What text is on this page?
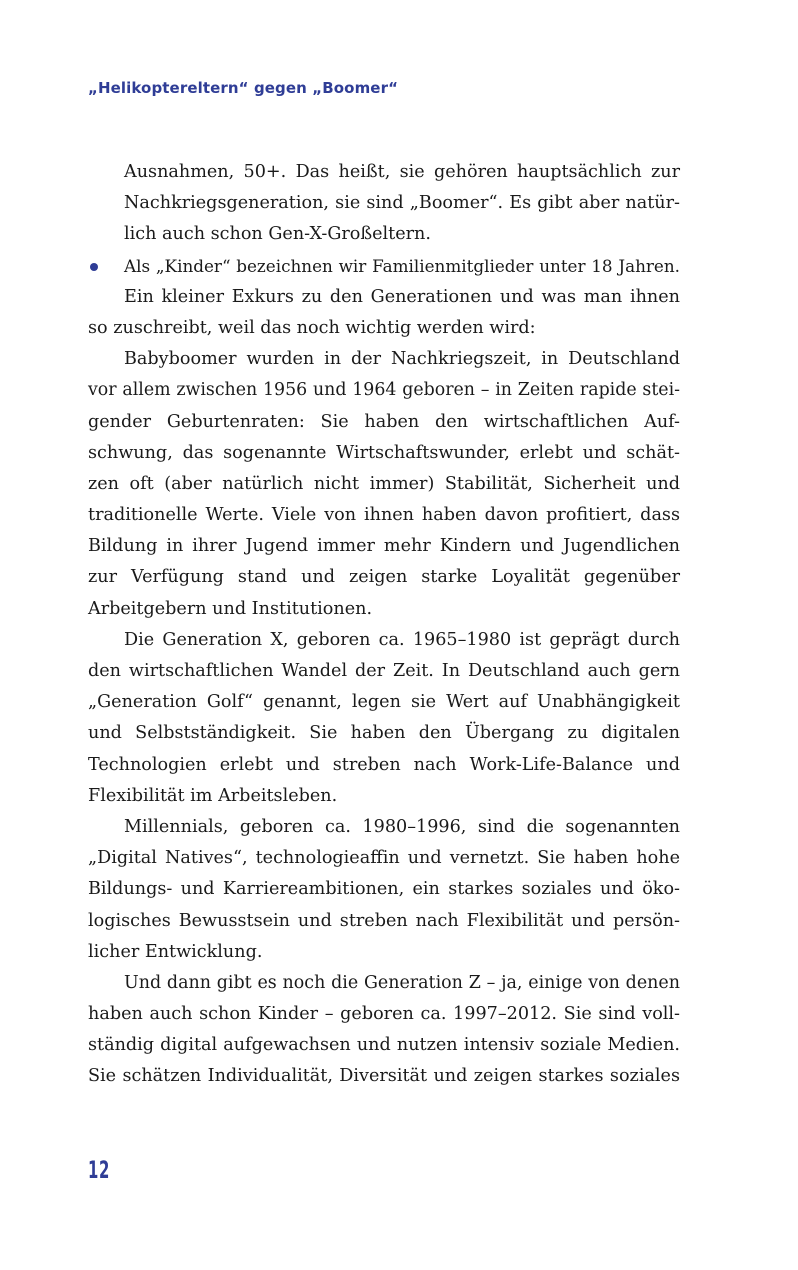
„Helikoptereltern“ gegen „Boomer“
Ausnahmen, 50+. Das heißt, sie gehören hauptsächlich zur
Nachkriegsgeneration, sie sind „Boomer“. Es gibt aber natür-
lich auch schon Gen-X-Großeltern.
Als „Kinder“ bezeichnen wir Familienmitglieder unter 18 Jahren.
Ein kleiner Exkurs zu den Generationen und was man ihnen
so zuschreibt, weil das noch wichtig werden wird:
Babyboomer wurden in der Nachkriegszeit, in Deutschland
vor allem zwischen 1956 und 1964 geboren – in Zeiten rapide stei-
gender Geburtenraten: Sie haben den wirtschaftlichen Auf-
schwung, das sogenannte Wirtschaftswunder, erlebt und schät-
zen oft (aber natürlich nicht immer) Stabilität, Sicherheit und
traditionelle Werte. Viele von ihnen haben davon profitiert, dass
Bildung in ihrer Jugend immer mehr Kindern und Jugendlichen
zur Verfügung stand und zeigen starke Loyalität gegenüber
Arbeitgebern und Institutionen.
Die Generation X, geboren ca. 1965–1980 ist geprägt durch
den wirtschaftlichen Wandel der Zeit. In Deutschland auch gern
„Generation Golf“ genannt, legen sie Wert auf Unabhängigkeit
und Selbstständigkeit. Sie haben den Übergang zu digitalen
Technologien erlebt und streben nach Work-Life-Balance und
Flexibilität im Arbeitsleben.
Millennials, geboren ca. 1980–1996, sind die sogenannten
„Digital Natives“, technologieaffin und vernetzt. Sie haben hohe
Bildungs- und Karriereambitionen, ein starkes soziales und öko-
logisches Bewusstsein und streben nach Flexibilität und persön-
licher Entwicklung.
Und dann gibt es noch die Generation Z – ja, einige von denen
haben auch schon Kinder – geboren ca. 1997–2012. Sie sind voll-
ständig digital aufgewachsen und nutzen intensiv soziale Medien.
Sie schätzen Individualität, Diversität und zeigen starkes soziales
12
